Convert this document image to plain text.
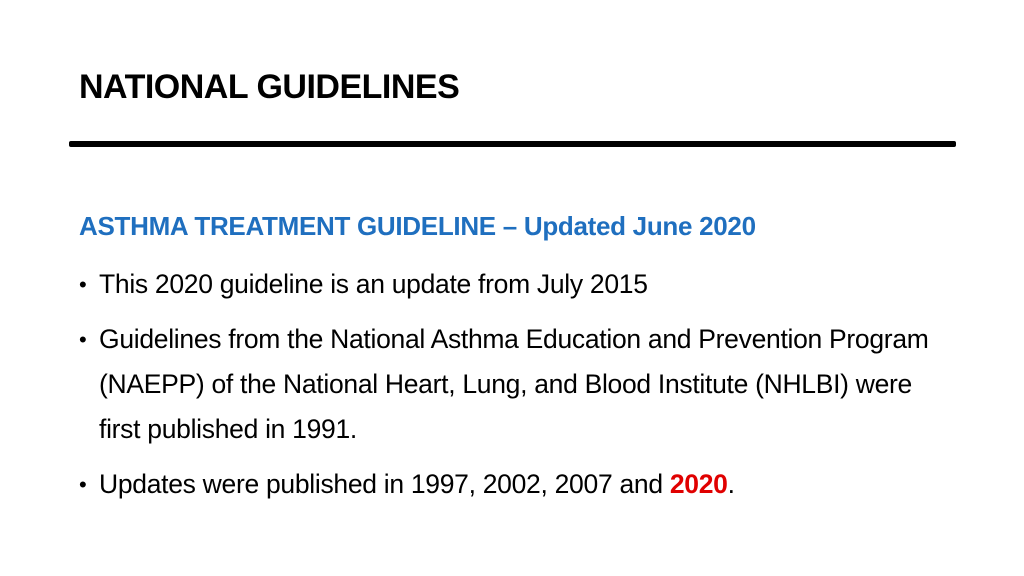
NATIONAL GUIDELINES
ASTHMA TREATMENT GUIDELINE – Updated June 2020
• This 2020 guideline is an update from July 2015
• Guidelines from the National Asthma Education and Prevention Program (NAEPP) of the National Heart, Lung, and Blood Institute (NHLBI) were first published in 1991.
• Updates were published in 1997, 2002, 2007 and 2020.
